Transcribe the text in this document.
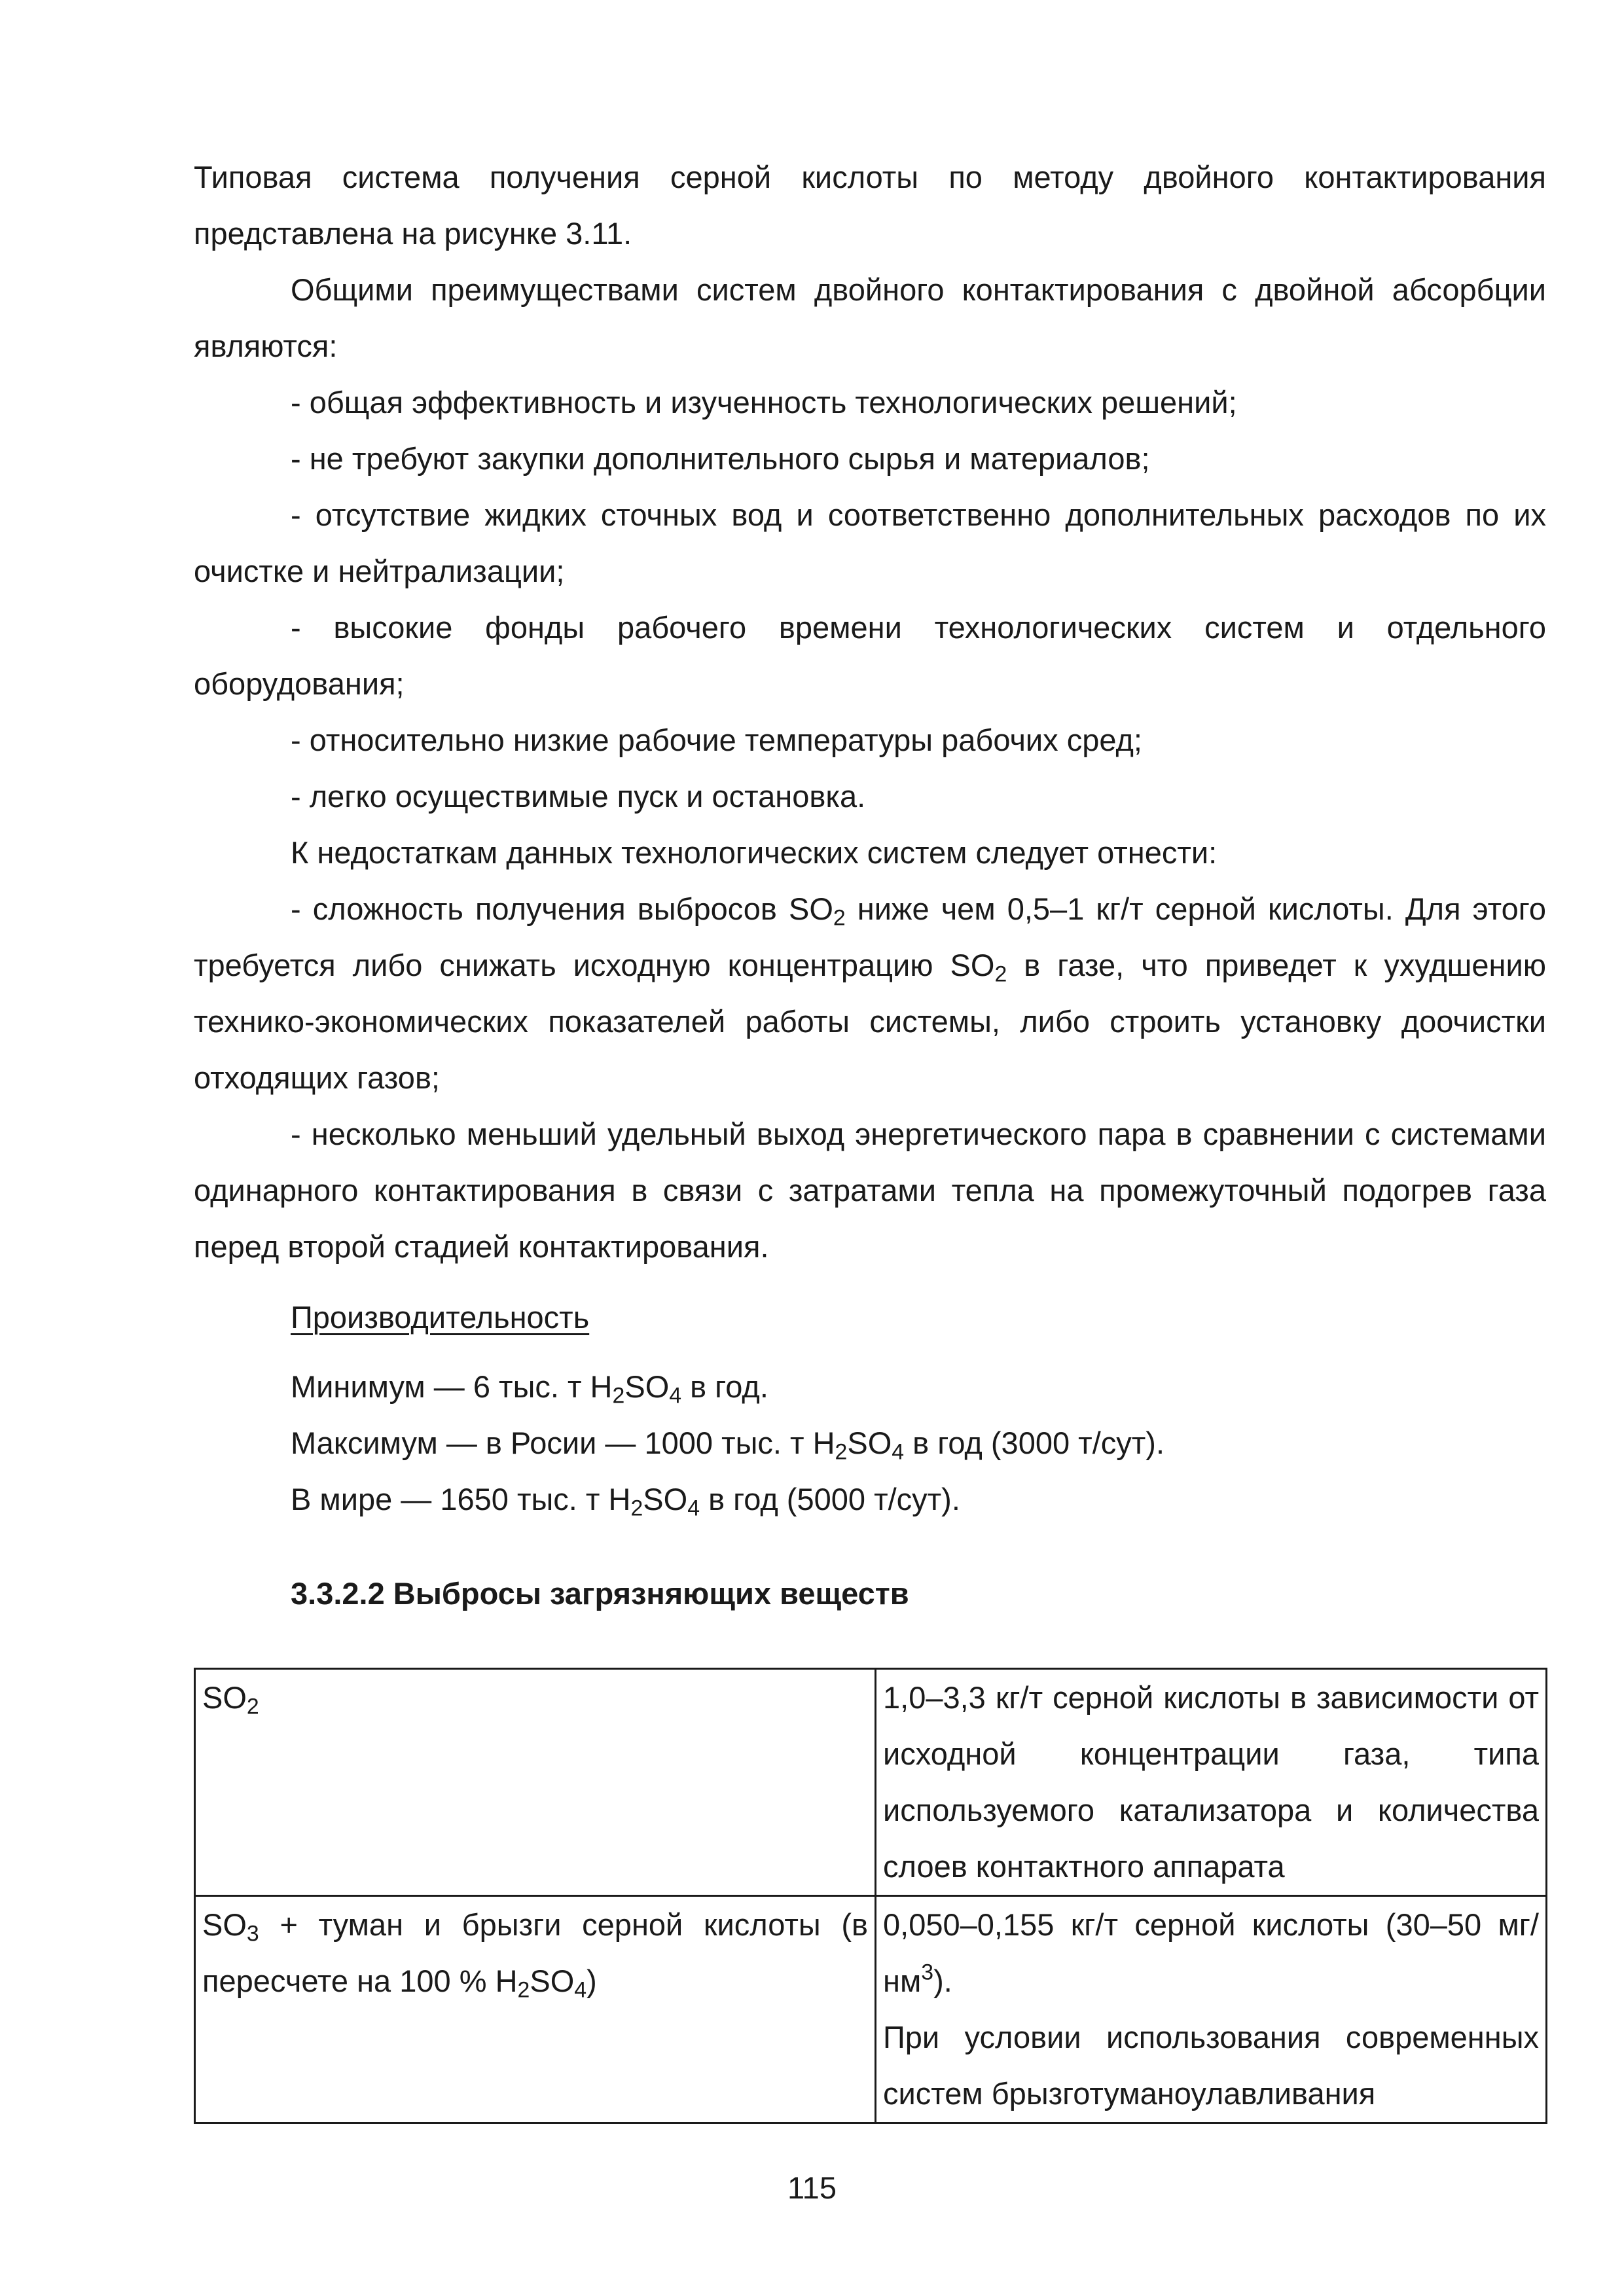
Типовая система получения серной кислоты по методу двойного контактирования представлена на рисунке 3.11.

Общими преимуществами систем двойного контактирования с двойной абсорбции являются:

- общая эффективность и изученность технологических решений;

- не требуют закупки дополнительного сырья и материалов;

- отсутствие жидких сточных вод и соответственно дополнительных расходов по их очистке и нейтрализации;

- высокие фонды рабочего времени технологических систем и отдельного оборудования;

- относительно низкие рабочие температуры рабочих сред;

- легко осуществимые пуск и остановка.

К недостаткам данных технологических систем следует отнести:

- сложность получения выбросов $SO_2$ ниже чем 0,5–1 кг/т серной кислоты. Для этого требуется либо снижать исходную концентрацию $SO_2$ в газе, что приведет к ухудшению технико-экономических показателей работы системы, либо строить установку доочистки отходящих газов;

- несколько меньший удельный выход энергетического пара в сравнении с системами одинарного контактирования в связи с затратами тепла на промежуточный подогрев газа перед второй стадией контактирования.

Производительность

Минимум — 6 тыс. т $H_2SO_4$ в год.

Максимум — в Росии — 1000 тыс. т $H_2SO_4$ в год (3000 т/сут).

В мире — 1650 тыс. т $H_2SO_4$ в год (5000 т/сут).

3.3.2.2 Выбросы загрязняющих веществ

$SO_2$	1,0–3,3 кг/т серной кислоты в зависимости от исходной концентрации газа, типа используемого катализатора и количества слоев контактного аппарата
$SO_3$ + туман и брызги серной кислоты (в пересчете на 100 % $H_2SO_4$)	0,050–0,155 кг/т серной кислоты (30–50 $мг/нм^3$).
При условии использования современных систем брызготуманоулавливания
115
